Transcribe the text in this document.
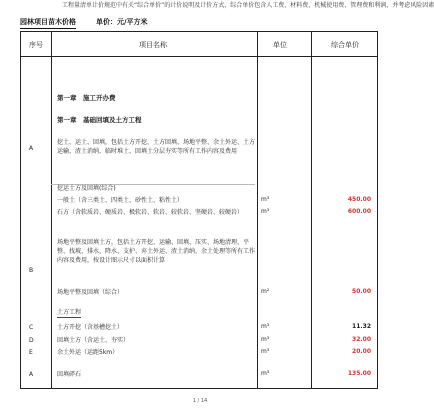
工程量清单计价规范中有关“综合单价”的计价说明及计价方式，综合单价包含人工费、材料费、机械使用费、管理费和利润，并考虑风险因素
园林项目苗木价格	单价：元/平方米
序号	项目名称	单位	综合单价
第一章　施工开办费
第一章　基础回填及土方工程
A
挖土、运土、回填，包括土方开挖、土方回填、场地平整、余土外运、土方运输、渣土消纳、临时堆土、回填土分层夯实等所有工作内容及费用
挖运土方及回填(综合)
一般土（含三类土、四类土、砂性土、粘性土）	m³	450.00
石方（含软质岩、硬质岩、极软岩、软岩、较软岩、坚硬岩、较硬岩）	m³	600.00
B
场地平整及回填土方，包括土方开挖、运输、回填、压实、场地清理、平整、找坡、排水、降水、支护、弃土外运、渣土消纳、余土处理等所有工作内容及费用，按设计图示尺寸以面积计算
场地平整及回填（综合）	m²	50.00
土方工程
C	土方开挖（含基槽挖土）	m³	11.32
D	回填土方（含运土、夯实）	m³	32.00
E	余土外运（运距5km）	m³	20.00
A	回填碎石	m³	135.00
1 / 14
